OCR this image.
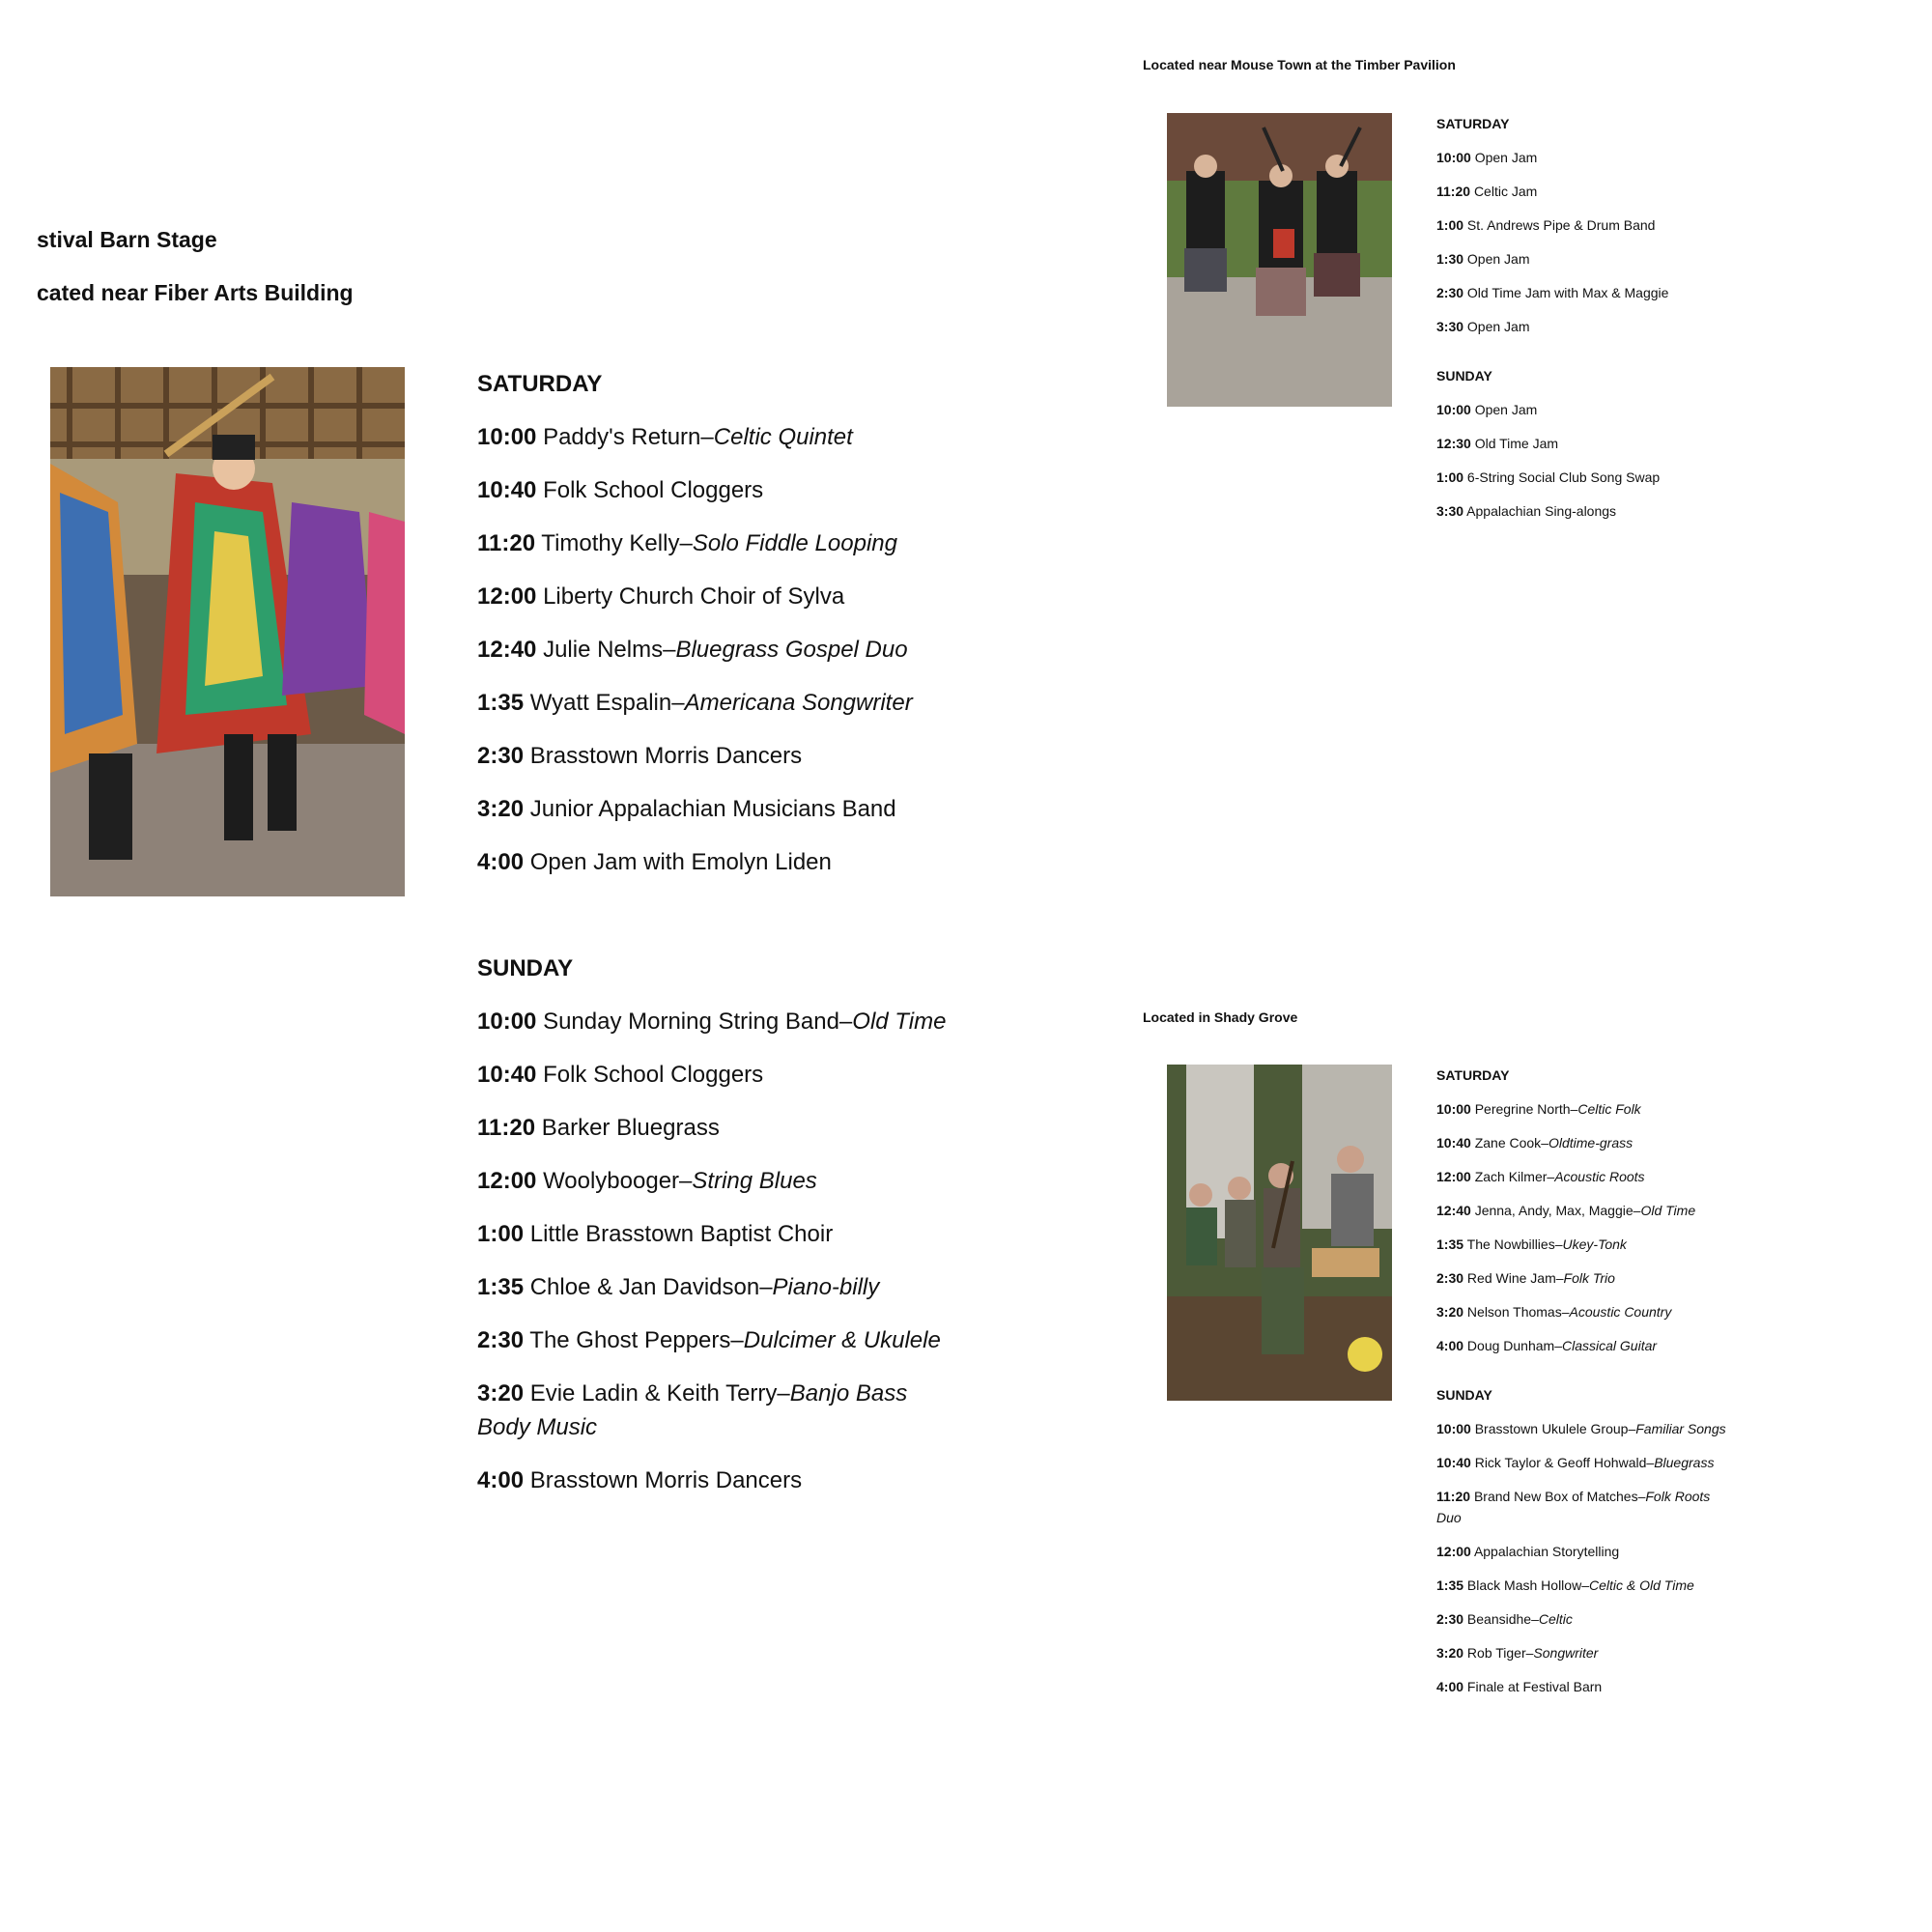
stival Barn Stage
cated near Fiber Arts Building
SATURDAY
10:00 Paddy's Return – Celtic Quintet
10:40 Folk School Cloggers
11:20 Timothy Kelly – Solo Fiddle Looping
12:00 Liberty Church Choir of Sylva
12:40 Julie Nelms – Bluegrass Gospel Duo
1:35 Wyatt Espalin – Americana Songwriter
2:30 Brasstown Morris Dancers
3:20 Junior Appalachian Musicians Band
4:00 Open Jam with Emolyn Liden
SUNDAY
10:00 Sunday Morning String Band – Old Time
10:40 Folk School Cloggers
11:20 Barker Bluegrass
12:00 Woolybooger – String Blues
1:00 Little Brasstown Baptist Choir
1:35 Chloe & Jan Davidson – Piano-billy
2:30 The Ghost Peppers – Dulcimer & Ukulele
3:20 Evie Ladin & Keith Terry – Banjo Bass Body Music
4:00 Brasstown Morris Dancers
Located near Mouse Town at the Timber Pavilion
SATURDAY
10:00 Open Jam
11:20 Celtic Jam
1:00 St. Andrews Pipe & Drum Band
1:30 Open Jam
2:30 Old Time Jam with Max & Maggie
3:30 Open Jam
SUNDAY
10:00 Open Jam
12:30 Old Time Jam
1:00 6-String Social Club Song Swap
3:30 Appalachian Sing-alongs
Located in Shady Grove
SATURDAY
10:00 Peregrine North – Celtic Folk
10:40 Zane Cook – Oldtime-grass
12:00 Zach Kilmer – Acoustic Roots
12:40 Jenna, Andy, Max, Maggie – Old Time
1:35 The Nowbillies – Ukey-Tonk
2:30 Red Wine Jam – Folk Trio
3:20 Nelson Thomas – Acoustic Country
4:00 Doug Dunham – Classical Guitar
SUNDAY
10:00 Brasstown Ukulele Group – Familiar Songs
10:40 Rick Taylor & Geoff Hohwald – Bluegrass
11:20 Brand New Box of Matches – Folk Roots Duo
12:00 Appalachian Storytelling
1:35 Black Mash Hollow – Celtic & Old Time
2:30 Beansidhe – Celtic
3:20 Rob Tiger – Songwriter
4:00 Finale at Festival Barn
